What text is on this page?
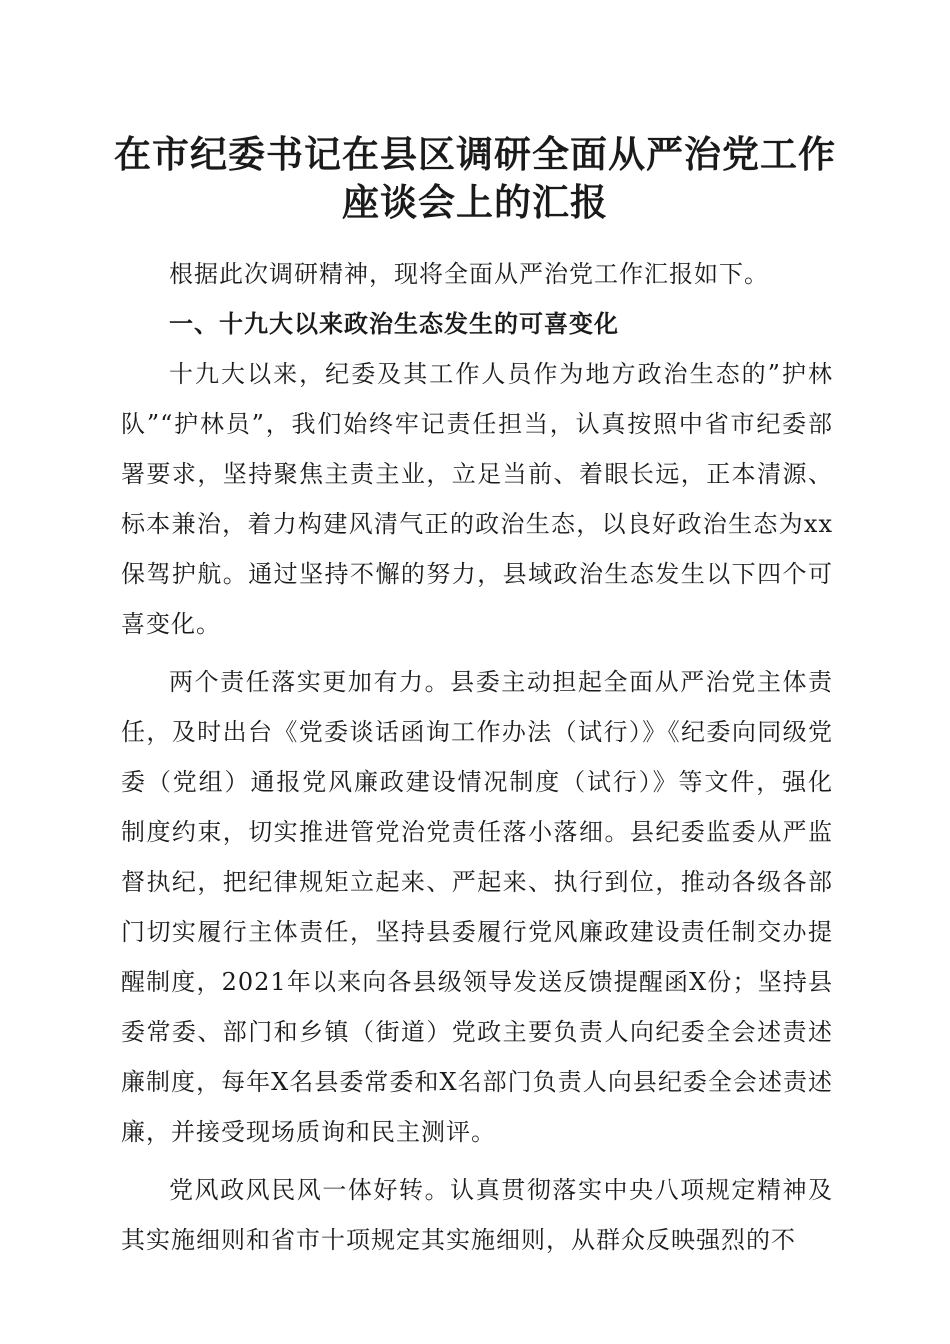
在市纪委书记在县区调研全面从严治党工作座谈会上的汇报

根据此次调研精神，现将全面从严治党工作汇报如下。

一、十九大以来政治生态发生的可喜变化

十九大以来，纪委及其工作人员作为地方政治生态的”护林队”“护林员”，我们始终牢记责任担当，认真按照中省市纪委部署要求，坚持聚焦主责主业，立足当前、着眼长远，正本清源、标本兼治，着力构建风清气正的政治生态，以良好政治生态为xx保驾护航。通过坚持不懈的努力，县域政治生态发生以下四个可喜变化。

两个责任落实更加有力。县委主动担起全面从严治党主体责任，及时出台《党委谈话函询工作办法（试行）》《纪委向同级党委（党组）通报党风廉政建设情况制度（试行）》等文件，强化制度约束，切实推进管党治党责任落小落细。县纪委监委从严监督执纪，把纪律规矩立起来、严起来、执行到位，推动各级各部门切实履行主体责任，坚持县委履行党风廉政建设责任制交办提醒制度，2021年以来向各县级领导发送反馈提醒函X份；坚持县委常委、部门和乡镇（街道）党政主要负责人向纪委全会述责述廉制度，每年X名县委常委和X名部门负责人向县纪委全会述责述廉，并接受现场质询和民主测评。

党风政风民风一体好转。认真贯彻落实中央八项规定精神及其实施细则和省市十项规定其实施细则，从群众反映强烈的不
